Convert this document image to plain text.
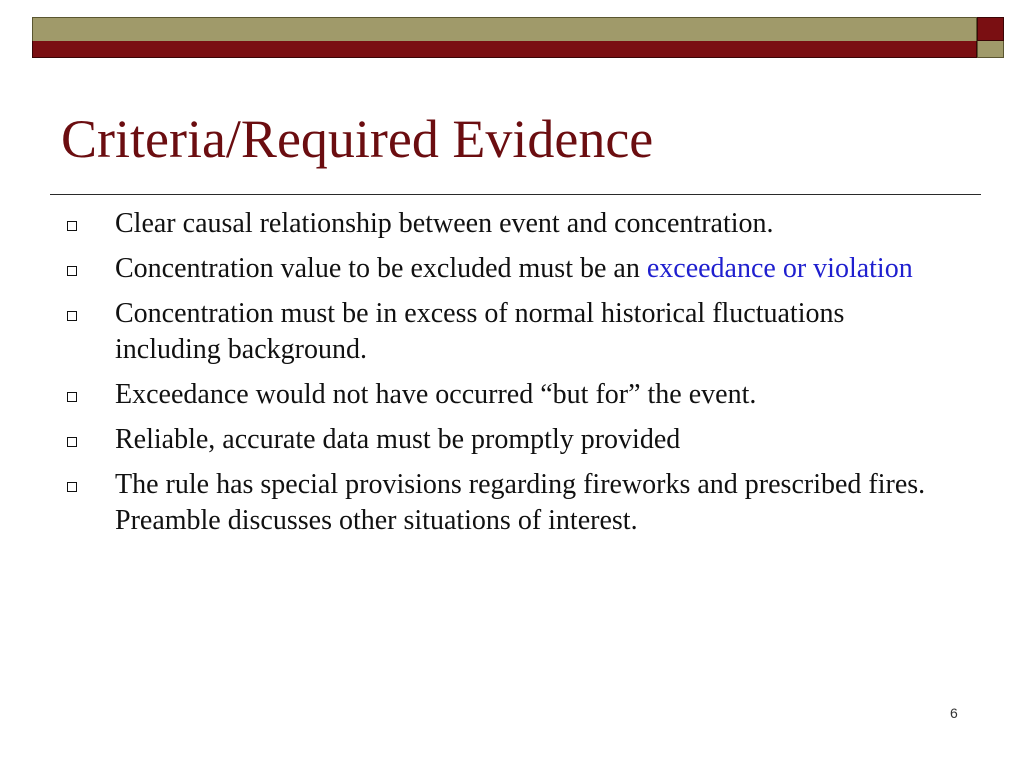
Criteria/Required Evidence
Clear causal relationship between event and concentration.
Concentration value to be excluded must be an exceedance or violation
Concentration must be in excess of normal historical fluctuations including background.
Exceedance would not have occurred “but for” the event.
Reliable, accurate data must be promptly provided
The rule has special provisions regarding fireworks and prescribed fires. Preamble discusses other situations of interest.
6
